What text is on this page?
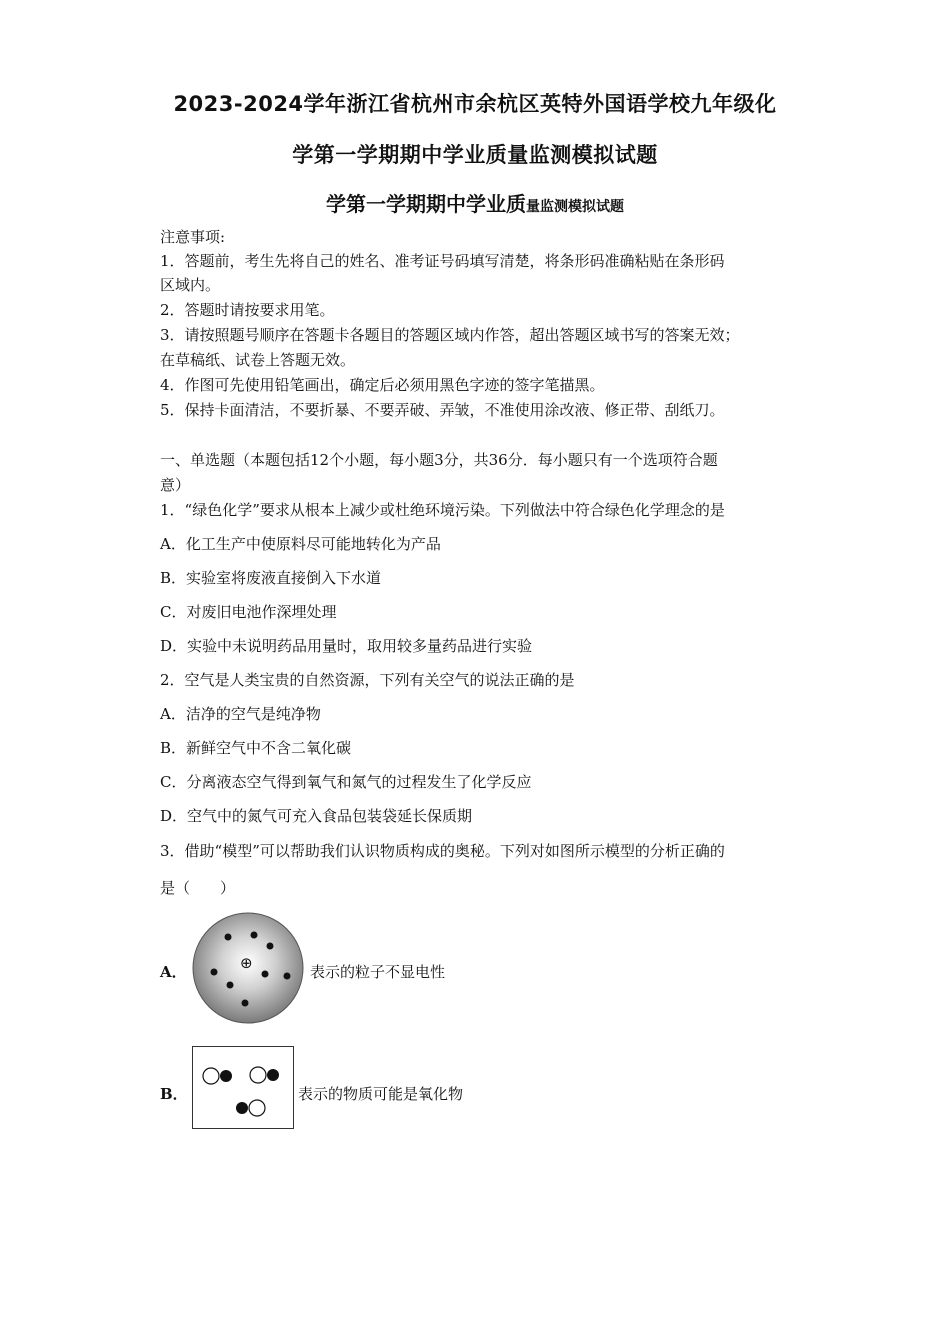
2023-2024学年浙江省杭州市余杭区英特外国语学校九年级化
学第一学期期中学业质量监测模拟试题
学第一学期期中学业质量监测模拟试题
注意事项:
1．答题前，考生先将自己的姓名、准考证号码填写清楚，将条形码准确粘贴在条形码
区域内。
2．答题时请按要求用笔。
3．请按照题号顺序在答题卡各题目的答题区域内作答，超出答题区域书写的答案无效；
在草稿纸、试卷上答题无效。
4．作图可先使用铅笔画出，确定后必须用黑色字迹的签字笔描黑。
5．保持卡面清洁，不要折暴、不要弄破、弄皱，不准使用涂改液、修正带、刮纸刀。
一、单选题（本题包括12个小题，每小题3分，共36分．每小题只有一个选项符合题
意）
1．“绿色化学”要求从根本上减少或杜绝环境污染。下列做法中符合绿色化学理念的是
A．化工生产中使原料尽可能地转化为产品
B．实验室将废液直接倒入下水道
C．对废旧电池作深埋处理
D．实验中未说明药品用量时，取用较多量药品进行实验
2．空气是人类宝贵的自然资源，下列有关空气的说法正确的是
A．洁净的空气是纯净物
B．新鲜空气中不含二氧化碳
C．分离液态空气得到氧气和氮气的过程发生了化学反应
D．空气中的氮气可充入食品包装袋延长保质期
3．借助“模型”可以帮助我们认识物质构成的奥秘。下列对如图所示模型的分析正确的
是（　　）
A．	⊕	表示的粒子不显电性
B．	表示的物质可能是氧化物
